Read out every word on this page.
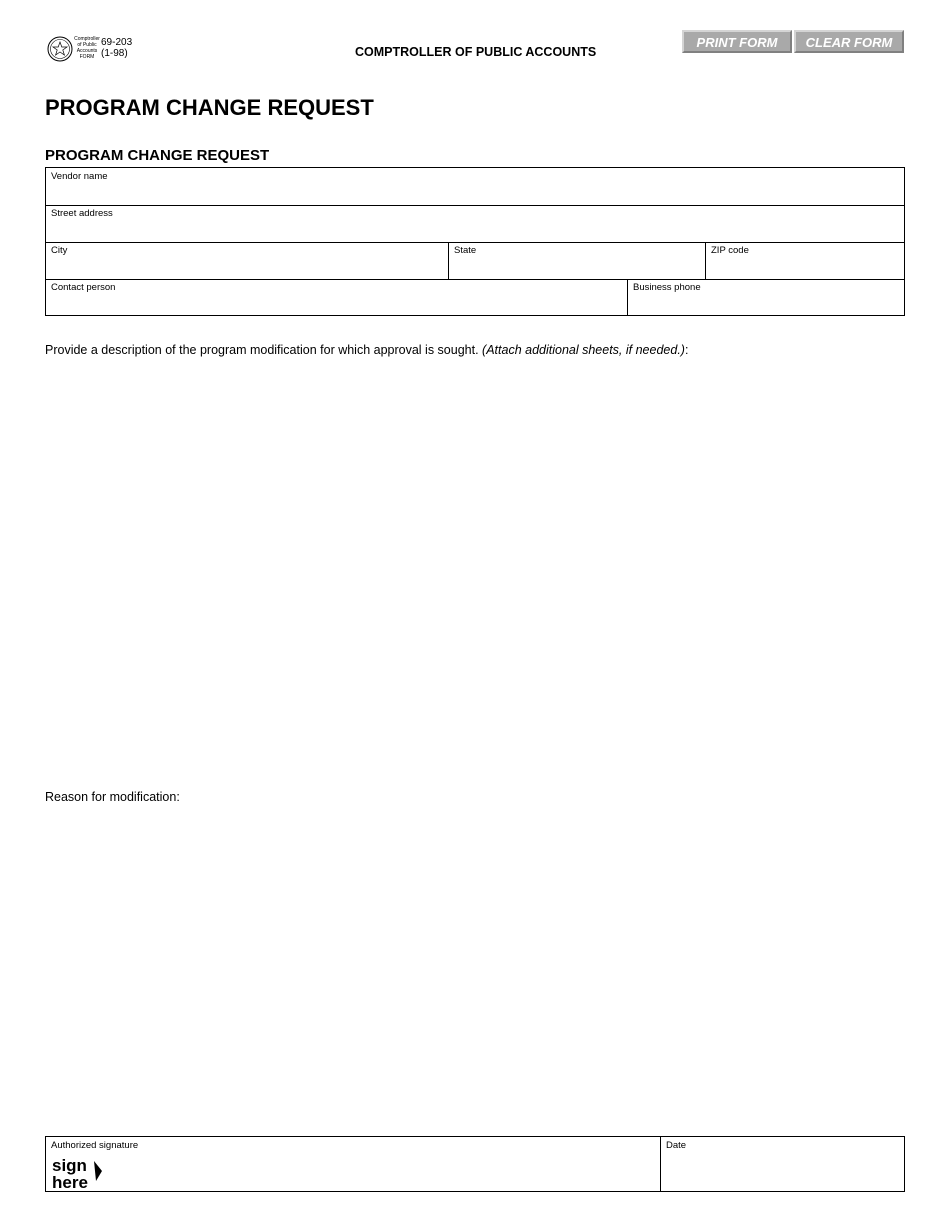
Comptroller
of Public
Accounts
FORM
69-203
(1-98)	COMPTROLLER OF PUBLIC ACCOUNTS
PRINT FORM	CLEAR FORM
PROGRAM CHANGE REQUEST
PROGRAM CHANGE REQUEST
Vendor name
Street address
City	State	ZIP code
Contact person	Business phone
Provide a description of the program modification for which approval is sought. (Attach additional sheets, if needed.):
Reason for modification:
Authorized signature
sign
here
Date
